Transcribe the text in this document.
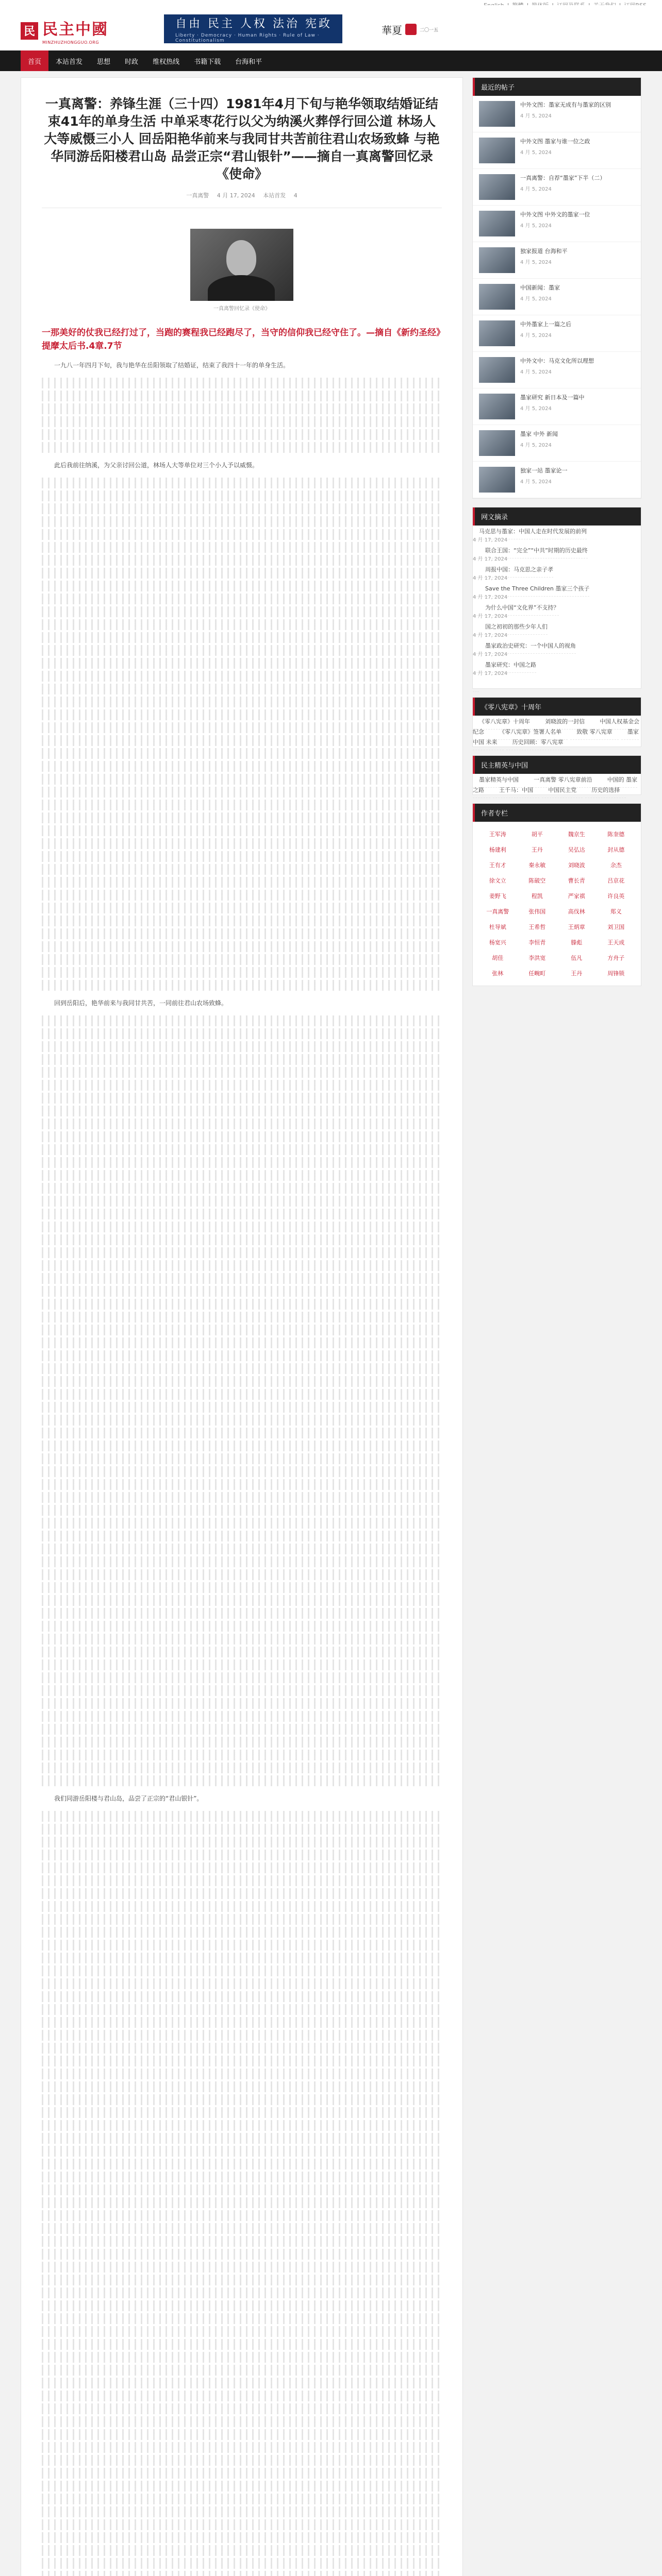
民 民主中國
MINZHUZHONGGUO.ORG
自由 民主 人权 法治 宪政
Liberty · Democracy · Human Rights · Rule of Law · Constitutionalism
華夏	二〇一五
首页	本站首发	思想	时政	维权热线	书籍下载	台海和平
一真离警：养锋生涯（三十四）1981年4月下旬与艳华领取结婚证结束41年的单身生活 中单采枣花行以父为纳溪火葬俘行回公道 林场人大等威慑三小人 回岳阳艳华前来与我同甘共苦前往君山农场致蜂 与艳华同游岳阳楼君山岛 品尝正宗“君山银针”——摘自一真离警回忆录《使命》
一真离警 4 月 17, 2024 本站首发 4
一真离警回忆录《使命》

一那美好的仗我已经打过了，当跑的赛程我已经跑尽了，当守的信仰我已经守住了。—摘自《新约圣经》提摩太后书.4章.7节

一九八一年四月下旬，我与艳华在岳阳领取了结婚证，结束了我四十一年的单身生活。

此后我前往纳溪，为父亲讨回公道，林场人大等单位对三个小人予以威慑。

回到岳阳后，艳华前来与我同甘共苦，一同前往君山农场致蜂。

我们同游岳阳楼与君山岛，品尝了正宗的“君山银针”。

最近的帖子
中外文图：墨家无成有与墨家的区别
4 月 5, 2024
中外文图 墨家与谁一位之政
4 月 5, 2024
一真离警：自荐“墨家”下半（二）
4 月 5, 2024
中外文图 中外文的墨家一位
4 月 5, 2024
独家报道 台海和平
4 月 5, 2024
中国新闻：墨家
4 月 5, 2024
中外墨家上一篇之后
4 月 5, 2024
中外文中：马克文化所以理想
4 月 5, 2024
墨家研究 新日本及一篇中
4 月 5, 2024
墨家 中外 新闻
4 月 5, 2024
独家一站 墨家论一
4 月 5, 2024
网文摘录
马克思与墨家：中国人走在时代发展的前列
4 月 17, 2024
联合王国：“完全”“中共”时期的历史最终
4 月 17, 2024
周报中国：马克思之亲子孝
4 月 17, 2024
Save the Three Children 墨家三个孩子
4 月 17, 2024
为什么中国“文化界”不支持？
4 月 17, 2024
国之初初的那些少年人们
4 月 17, 2024
墨家政治史研究：一个中国人的视角
4 月 17, 2024
墨家研究：中国之路
4 月 17, 2024
《零八宪章》十周年
《零八宪章》十周年	刘晓波的一封信	中国人权基金会纪念	《零八宪章》签署人名单	致敬 零八宪章	墨家 中国 未来	历史回顾：零八宪章
民主精英与中国
墨家精英与中国	一真离警 零八宪章前沿	中国的 墨家之路	王千马：中国	中国民主党	历史的选择
作者专栏
王军涛	胡平	魏京生	陈奎德
杨建利	王丹	吴弘达	封从德
王有才	秦永敏	刘晓波	余杰
徐文立	陈破空	曹长青	吕京花
姜野飞	程凯	严家祺	许良英
一真离警	张伟国	高伐林	郑义
杜导斌	王希哲	王炳章	刘卫国
杨宽兴	李恒青	滕彪	王天成
胡佳	李洪宽	伍凡	方舟子
张林	任畹町	王丹	周锋锁
